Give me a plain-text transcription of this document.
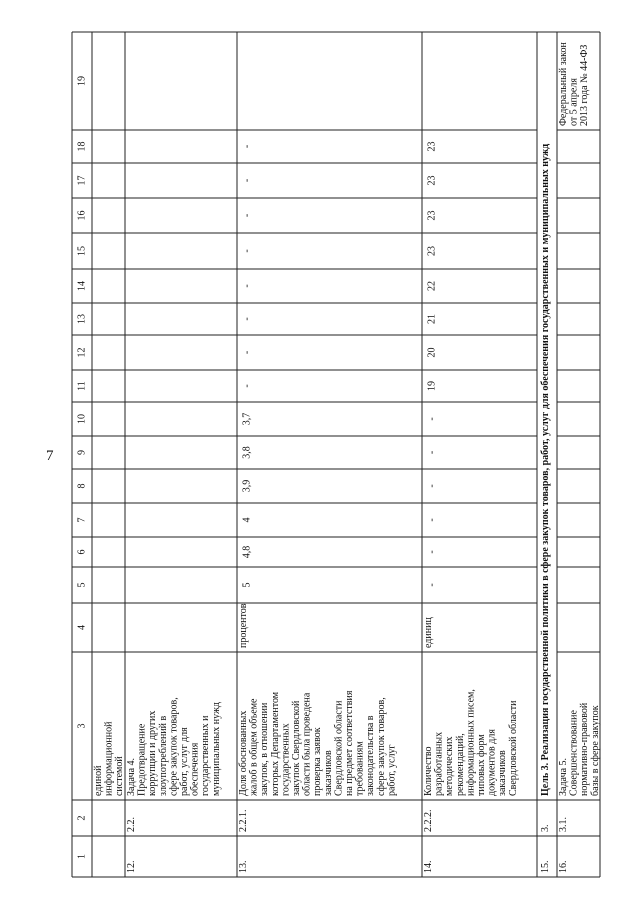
7
1
2
3
4
5
6
7
8
9
10
11
12
13
14
15
16
17
18
19
единой информационной системой
12.
2.2.
Задача 4. Предотвращение коррупции и других злоупотреблений в сфере закупок товаров, работ, услуг для обеспечения государственных и муниципальных нужд
13.
2.2.1.
Доля обоснованных жалоб в общем объеме закупок, в отношении которых Департаментом государственных закупок Свердловской области была проведена проверка заявок заказчиков Свердловской области на предмет соответствия требованиям законодательства в сфере закупок товаров, работ, услуг
процентов
5
4,8
4
3,9
3,8
3,7
-
-
-
-
-
-
-
-
14.
2.2.2.
Количество разработанных методических рекомендаций, информационных писем, типовых форм документов для заказчиков Свердловской области
единиц
-
-
-
-
-
-
19
20
21
22
23
23
23
23
15.
3.
Цель 3. Реализация государственной политики в сфере закупок товаров, работ, услуг для обеспечения государственных и муниципальных нужд
16.
3.1.
Задача 5. Совершенствование нормативно-правовой базы в сфере закупок
Федеральный закон от 5 апреля 2013 года № 44-ФЗ
